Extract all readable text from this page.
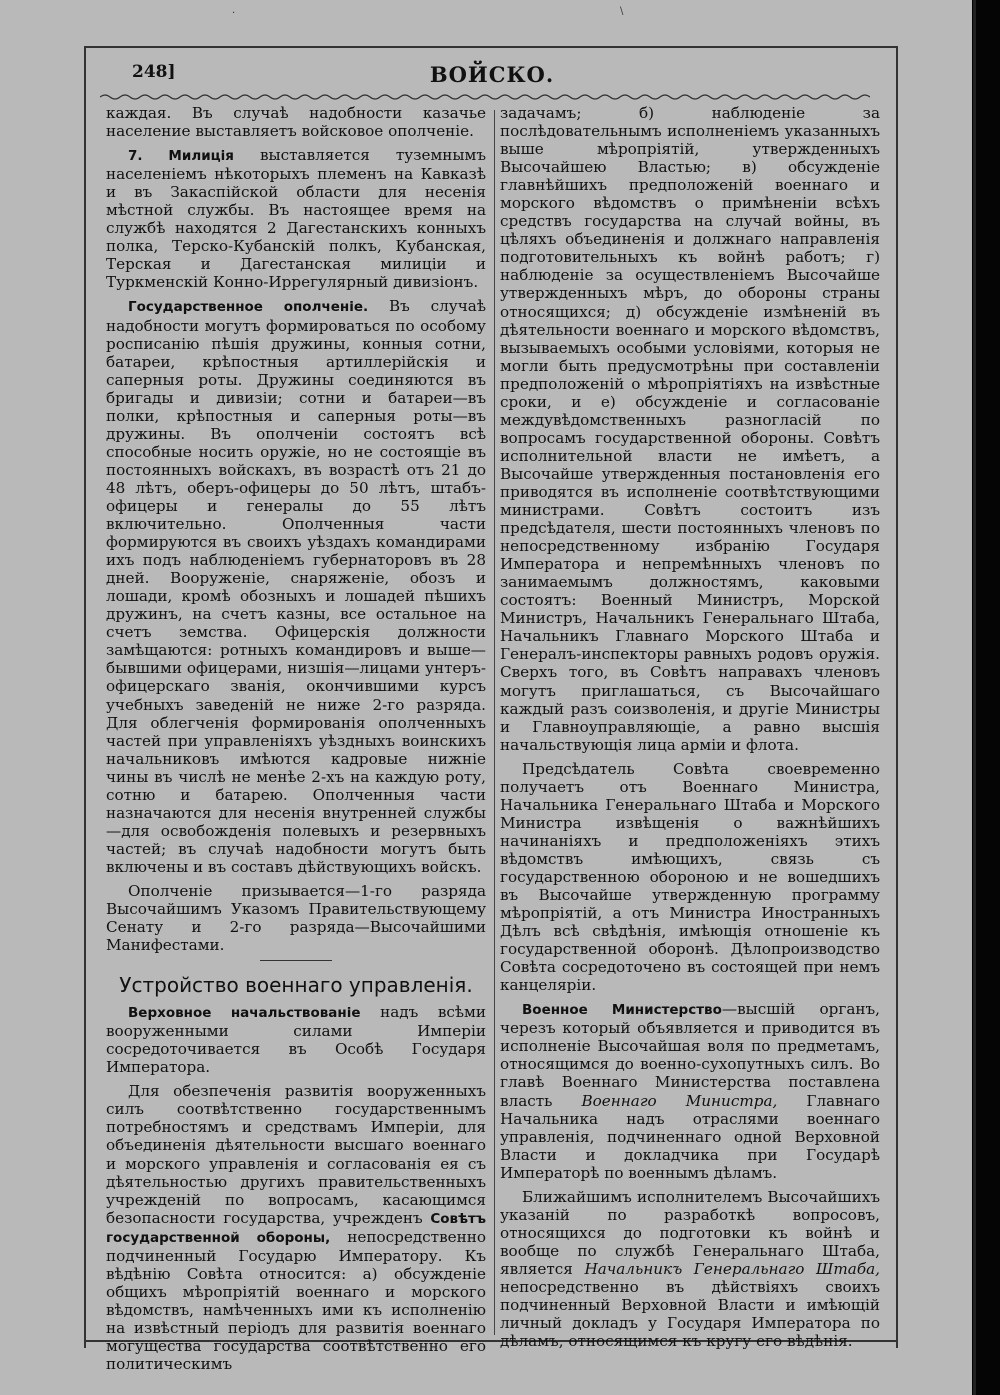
·	\
248]	ВОЙСКО.

каждая. Въ случаѣ надобности казачье население выставляетъ войсковое ополченіе.

7. Милиція выставляется туземнымъ населеніемъ нѣкоторыхъ племенъ на Кавказѣ и въ Закаспійской области для несенія мѣстной службы. Въ настоящее время на службѣ находятся 2 Дагестанскихъ конныхъ полка, Терско-Кубанскій полкъ, Кубанская, Терская и Дагестанская милиціи и Туркменскій Конно-Иррегулярный дивизіонъ.

Государственное ополченіе. Въ случаѣ надобности могутъ формироваться по особому росписанію пѣшія дружины, конныя сотни, батареи, крѣпостныя артиллерійскія и саперныя роты. Дружины соединяются въ бригады и дивизіи; сотни и батареи—въ полки, крѣпостныя и саперныя роты—въ дружины. Въ ополченіи состоятъ всѣ способные носить оружіе, но не состоящіе въ постоянныхъ войскахъ, въ возрастѣ отъ 21 до 48 лѣтъ, оберъ-офицеры до 50 лѣтъ, штабъ-офицеры и генералы до 55 лѣтъ включительно. Ополченныя части формируются въ своихъ уѣздахъ командирами ихъ подъ наблюденіемъ губернаторовъ въ 28 дней. Вооруженіе, снаряженіе, обозъ и лошади, кромѣ обозныхъ и лошадей пѣшихъ дружинъ, на счетъ казны, все остальное на счетъ земства. Офицерскія должности замѣщаются: ротныхъ командировъ и выше—бывшими офицерами, низшія—лицами унтеръ-офицерскаго званія, окончившими курсъ учебныхъ заведеній не ниже 2-го разряда. Для облегченія формированія ополченныхъ частей при управленіяхъ уѣздныхъ воинскихъ начальниковъ имѣются кадровые нижніе чины въ числѣ не менѣе 2-хъ на каждую роту, сотню и батарею. Ополченныя части назначаются для несенія внутренней службы—для освобожденія полевыхъ и резервныхъ частей; въ случаѣ надобности могутъ быть включены и въ составъ дѣйствующихъ войскъ.

Ополченіе призывается—1-го разряда Высочайшимъ Указомъ Правительствующему Сенату и 2-го разряда—Высочайшими Манифестами.

Устройство военнаго управленія.

Верховное начальствованіе надъ всѣми вооруженными силами Имперіи сосредоточивается въ Особѣ Государя Императора.

Для обезпеченія развитія вооруженныхъ силъ соотвѣтственно государственнымъ потребностямъ и средствамъ Имперіи, для объединенія дѣятельности высшаго военнаго и морского управленія и согласованія ея съ дѣятельностью другихъ правительственныхъ учрежденій по вопросамъ, касающимся безопасности государства, учрежденъ Совѣтъ государственной обороны, непосредственно подчиненный Государю Императору. Къ вѣдѣнію Совѣта относится: а) обсужденіе общихъ мѣропріятій военнаго и морского вѣдомствъ, намѣченныхъ ими къ исполненію на извѣстный періодъ для развитія военнаго могущества государства соотвѣтственно его политическимъ

задачамъ; б) наблюденіе за послѣдовательнымъ исполненіемъ указанныхъ выше мѣропріятій, утвержденныхъ Высочайшею Властью; в) обсужденіе главнѣйшихъ предположеній военнаго и морского вѣдомствъ о примѣненіи всѣхъ средствъ государства на случай войны, въ цѣляхъ объединенія и должнаго направленія подготовительныхъ къ войнѣ работъ; г) наблюденіе за осуществленіемъ Высочайше утвержденныхъ мѣръ, до обороны страны относящихся; д) обсужденіе измѣненій въ дѣятельности военнаго и морского вѣдомствъ, вызываемыхъ особыми условіями, которыя не могли быть предусмотрѣны при составленіи предположеній о мѣропріятіяхъ на извѣстные сроки, и е) обсужденіе и согласованіе междувѣдомственныхъ разногласій по вопросамъ государственной обороны. Совѣтъ исполнительной власти не имѣетъ, а Высочайше утвержденныя постановленія его приводятся въ исполненіе соотвѣтствующими министрами. Совѣтъ состоитъ изъ предсѣдателя, шести постоянныхъ членовъ по непосредственному избранію Государя Императора и непремѣнныхъ членовъ по занимаемымъ должностямъ, каковыми состоятъ: Военный Министръ, Морской Министръ, Начальникъ Генеральнаго Штаба, Начальникъ Главнаго Морского Штаба и Генералъ-инспекторы равныхъ родовъ оружія. Сверхъ того, въ Совѣтъ направахъ членовъ могутъ приглашаться, съ Высочайшаго каждый разъ соизволенія, и другіе Министры и Главноуправляющіе, а равно высшія начальствующія лица арміи и флота.

Предсѣдатель Совѣта своевременно получаетъ отъ Военнаго Министра, Начальника Генеральнаго Штаба и Морского Министра извѣщенія о важнѣйшихъ начинаніяхъ и предположеніяхъ этихъ вѣдомствъ имѣющихъ, связь съ государственною обороною и не вошедшихъ въ Высочайше утвержденную программу мѣропріятій, а отъ Министра Иностранныхъ Дѣлъ всѣ свѣдѣнія, имѣющія отношеніе къ государственной оборонѣ. Дѣлопроизводство Совѣта сосредоточено въ состоящей при немъ канцеляріи.

Военное Министерство—высшій органъ, черезъ который объявляется и приводится въ исполненіе Высочайшая воля по предметамъ, относящимся до военно-сухопутныхъ силъ. Во главѣ Военнаго Министерства поставлена власть Военнаго Министра, Главнаго Начальника надъ отраслями военнаго управленія, подчиненнаго одной Верховной Власти и докладчика при Государѣ Императорѣ по военнымъ дѣламъ.

Ближайшимъ исполнителемъ Высочайшихъ указаній по разработкѣ вопросовъ, относящихся до подготовки къ войнѣ и вообще по службѣ Генеральнаго Штаба, является Начальникъ Генеральнаго Штаба, непосредственно въ дѣйствіяхъ своихъ подчиненный Верховной Власти и имѣющій личный докладъ у Государя Императора по дѣламъ, относящимся къ кругу его вѣдѣнія.
